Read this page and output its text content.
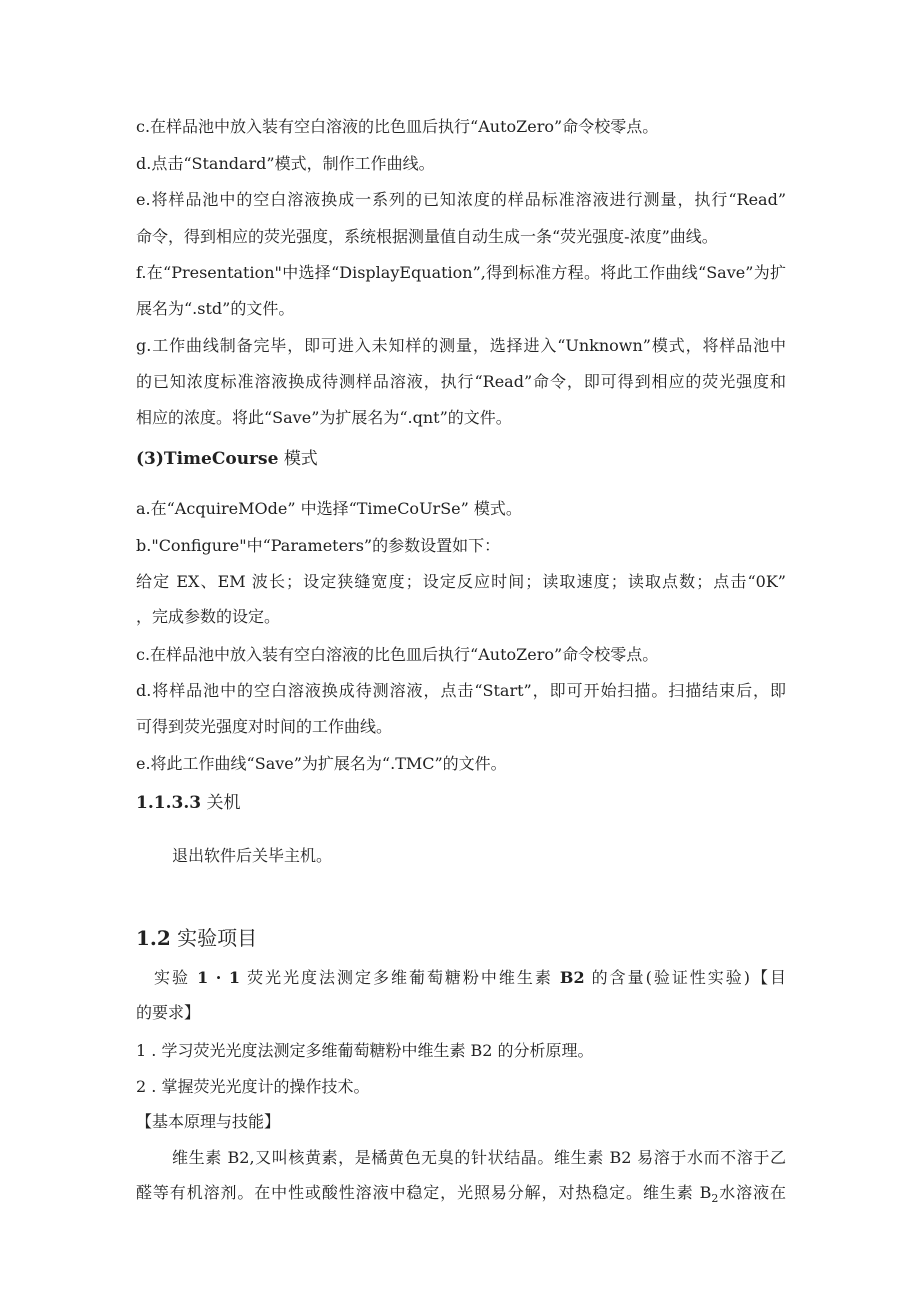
c.在样品池中放入装有空白溶液的比色皿后执行“AutoZero”命令校零点。
d.点击“Standard”模式，制作工作曲线。
e.将样品池中的空白溶液换成一系列的已知浓度的样品标准溶液进行测量，执行“Read”
命令，得到相应的荧光强度，系统根据测量值自动生成一条“荧光强度-浓度”曲线。
f.在“Presentation"中选择“DisplayEquation”,得到标准方程。将此工作曲线“Save”为扩
展名为“.std”的文件。
g.工作曲线制备完毕，即可进入未知样的测量，选择进入“Unknown”模式，将样品池中
的已知浓度标准溶液换成待测样品溶液，执行“Read”命令，即可得到相应的荧光强度和
相应的浓度。将此“Save”为扩展名为“.qnt”的文件。
(3)TimeCourse 模式
a.在“AcquireMOde” 中选择“TimeCoUrSe” 模式。
b."Configure"中“Parameters”的参数设置如下：
给定 EX、EM 波长；设定狭缝宽度；设定反应时间；读取速度；读取点数；点击“0K”
，完成参数的设定。
c.在样品池中放入装有空白溶液的比色皿后执行“AutoZero”命令校零点。
d.将样品池中的空白溶液换成待测溶液，点击“Start”，即可开始扫描。扫描结束后，即
可得到荧光强度对时间的工作曲线。
e.将此工作曲线“Save”为扩展名为“.TMC”的文件。
1.1.3.3 关机
退出软件后关毕主机。
1.2 实验项目
实验 1 · 1 荧光光度法测定多维葡萄糖粉中维生素 B2 的含量(验证性实验)【目
的要求】
1 . 学习荧光光度法测定多维葡萄糖粉中维生素 B2 的分析原理。
2 . 掌握荧光光度计的操作技术。
【基本原理与技能】
维生素 B2,又叫核黄素，是橘黄色无臭的针状结晶。维生素 B2 易溶于水而不溶于乙
醛等有机溶剂。在中性或酸性溶液中稳定，光照易分解，对热稳定。维生素 $B_2$水溶液在
